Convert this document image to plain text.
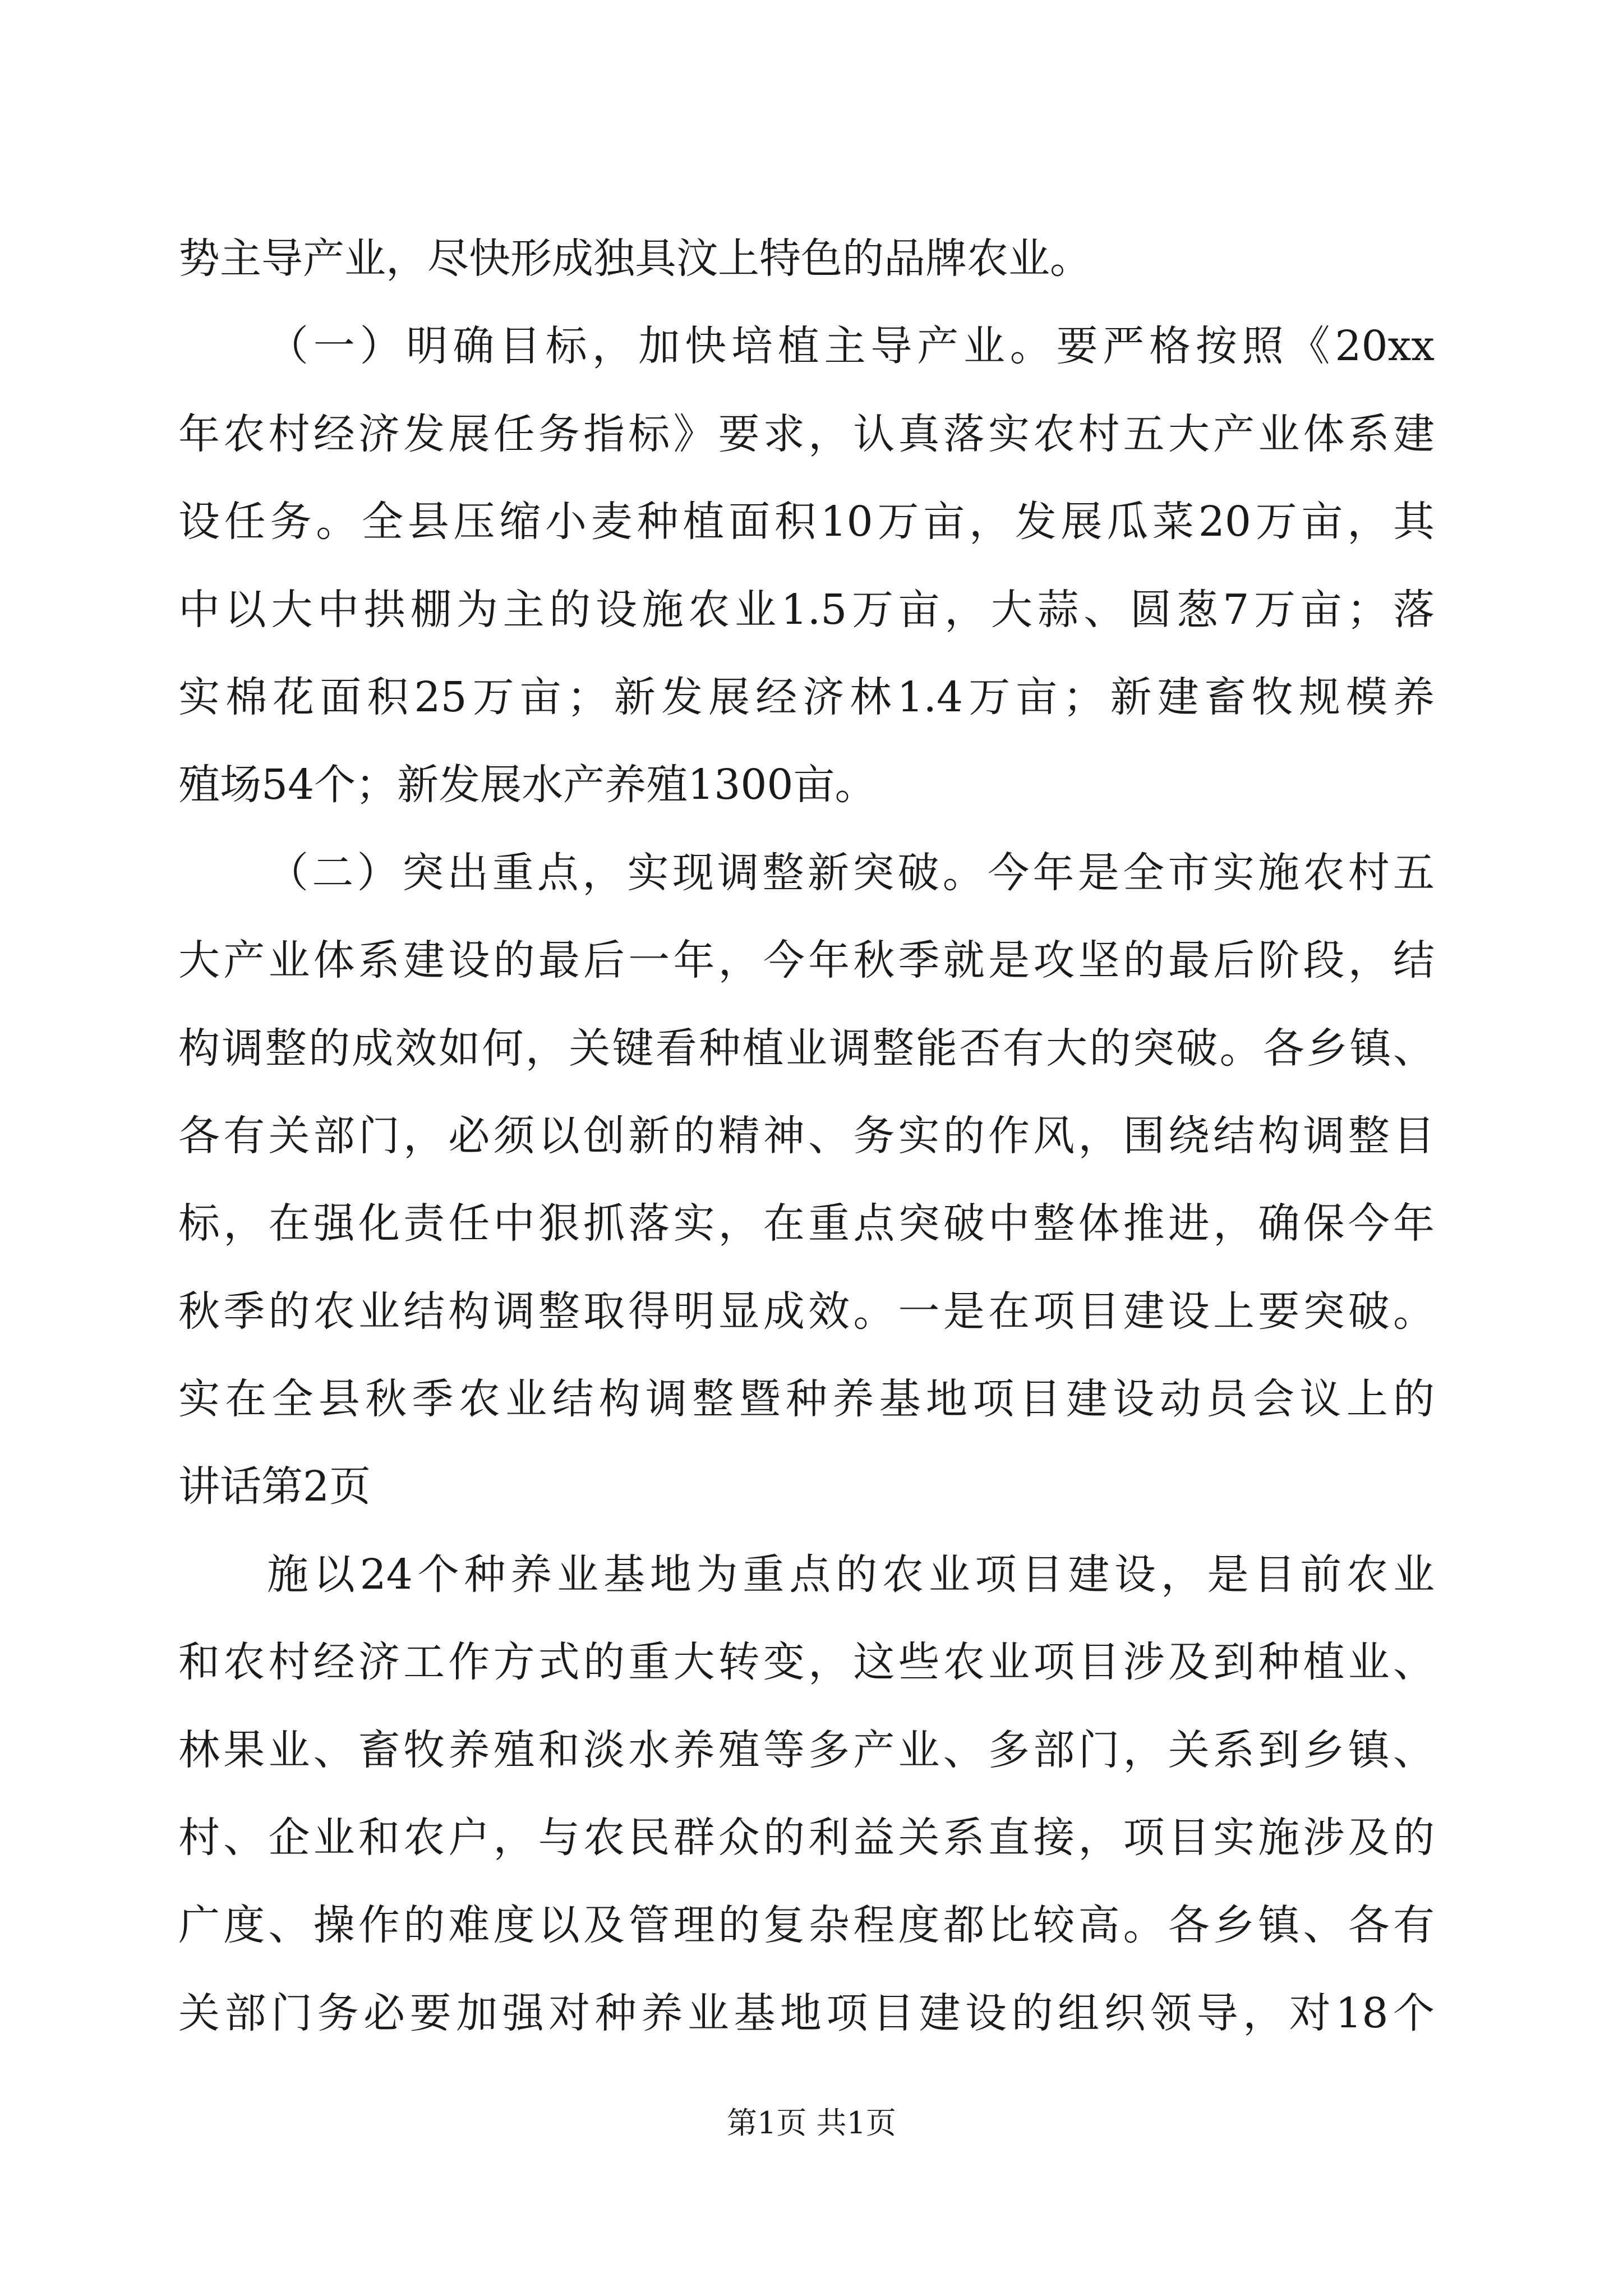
势主导产业，尽快形成独具汶上特色的品牌农业。
（一）明确目标，加快培植主导产业。要严格按照《20xx
年农村经济发展任务指标》要求，认真落实农村五大产业体系建
设任务。全县压缩小麦种植面积10万亩，发展瓜菜20万亩，其
中以大中拱棚为主的设施农业1.5万亩，大蒜、圆葱7万亩；落
实棉花面积25万亩；新发展经济林1.4万亩；新建畜牧规模养
殖场54个；新发展水产养殖1300亩。
（二）突出重点，实现调整新突破。今年是全市实施农村五
大产业体系建设的最后一年，今年秋季就是攻坚的最后阶段，结
构调整的成效如何，关键看种植业调整能否有大的突破。各乡镇、
各有关部门，必须以创新的精神、务实的作风，围绕结构调整目
标，在强化责任中狠抓落实，在重点突破中整体推进，确保今年
秋季的农业结构调整取得明显成效。一是在项目建设上要突破。
实在全县秋季农业结构调整暨种养基地项目建设动员会议上的
讲话第2页
施以24个种养业基地为重点的农业项目建设，是目前农业
和农村经济工作方式的重大转变，这些农业项目涉及到种植业、
林果业、畜牧养殖和淡水养殖等多产业、多部门，关系到乡镇、
村、企业和农户，与农民群众的利益关系直接，项目实施涉及的
广度、操作的难度以及管理的复杂程度都比较高。各乡镇、各有
关部门务必要加强对种养业基地项目建设的组织领导，对18个
第1页 共1页
